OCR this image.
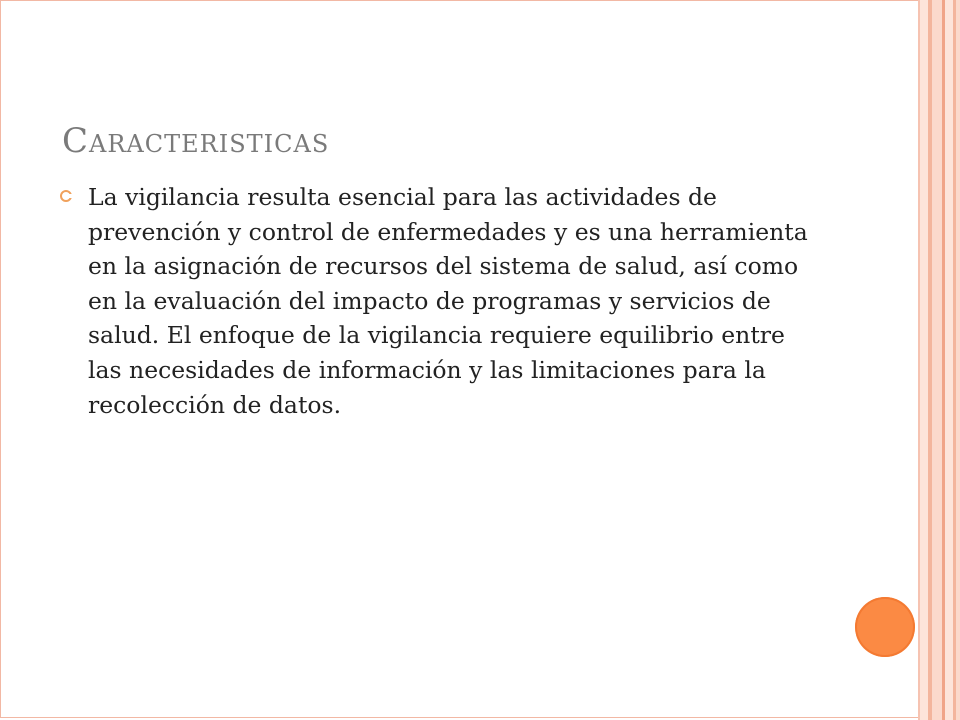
Caracteristicas

La vigilancia resulta esencial para las actividades de prevención y control de enfermedades y es una herramienta en la asignación de recursos del sistema de salud, así como en la evaluación del impacto de programas y servicios de salud. El enfoque de la vigilancia requiere equilibrio entre las necesidades de información y las limitaciones para la recolección de datos.
